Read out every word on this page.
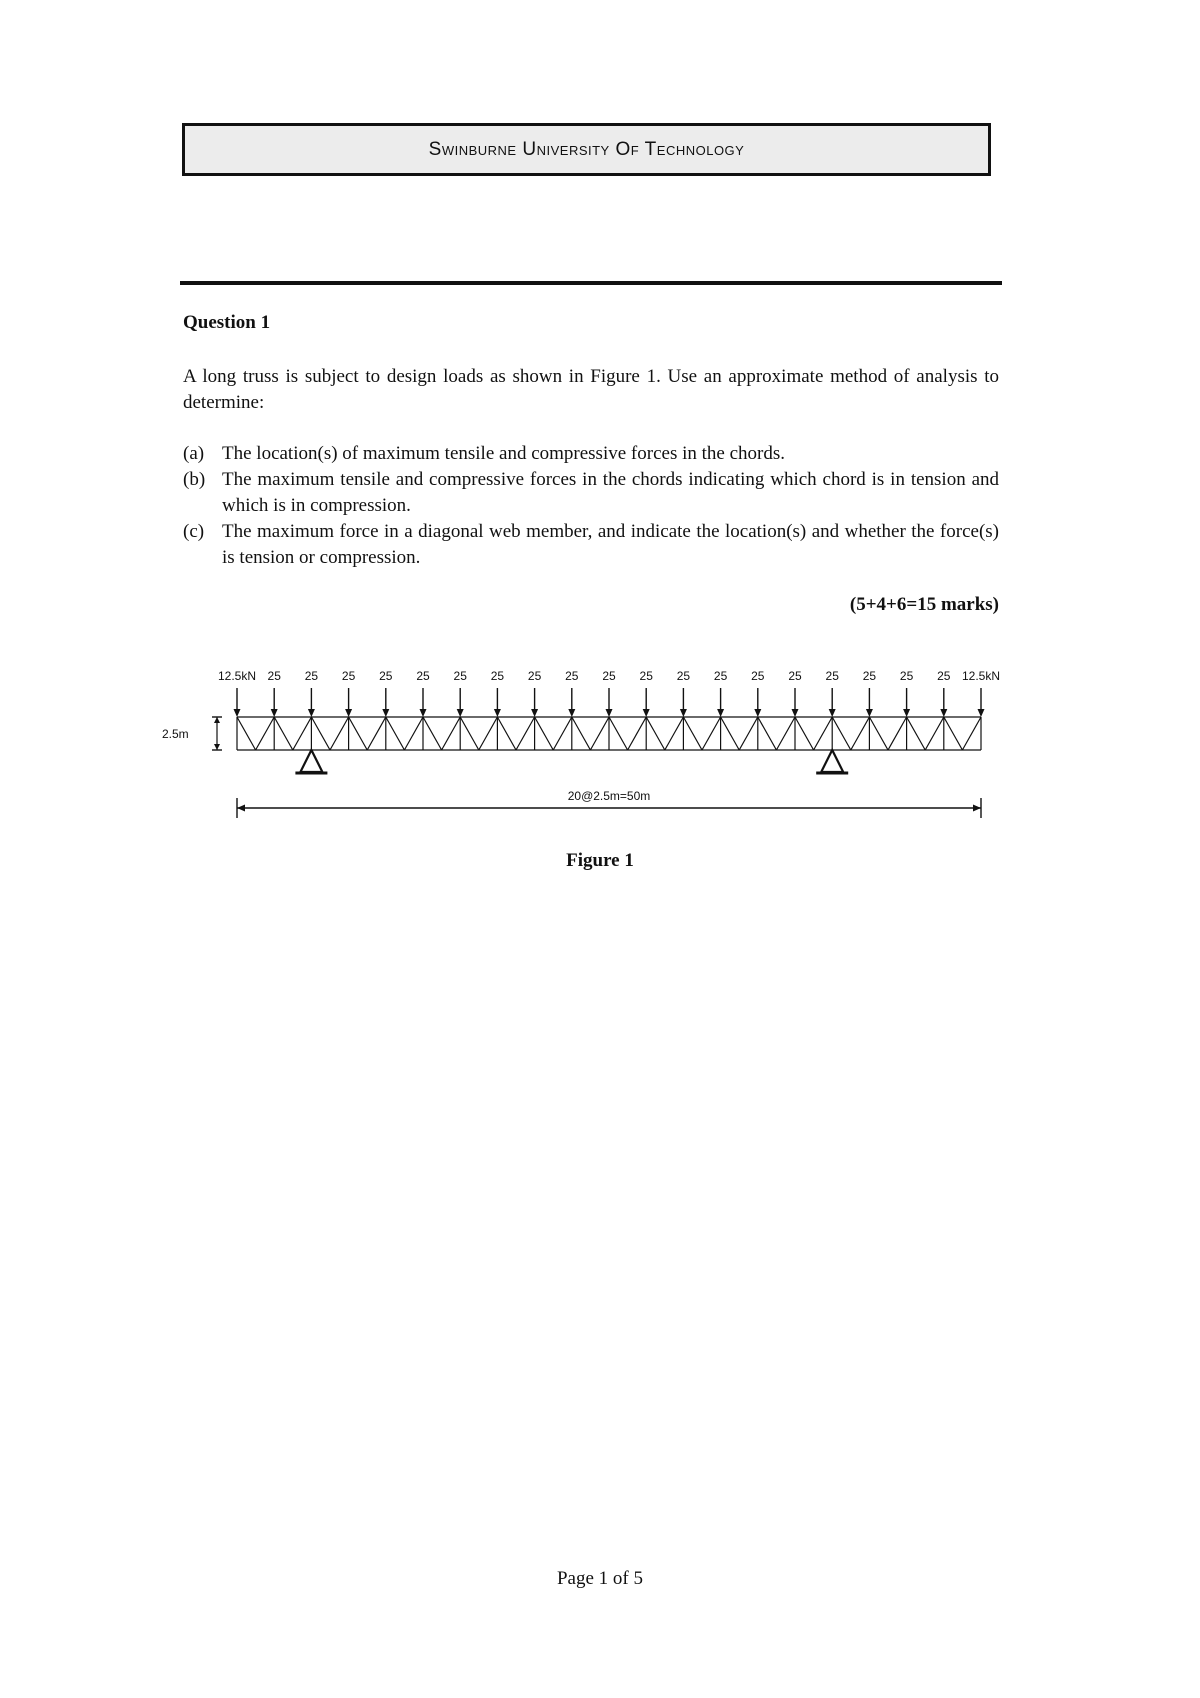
Swinburne University Of Technology
Question 1

A long truss is subject to design loads as shown in Figure 1. Use an approximate method of analysis to determine:

(a) The location(s) of maximum tensile and compressive forces in the chords.
(b) The maximum tensile and compressive forces in the chords indicating which chord is in tension and which is in compression.
(c) The maximum force in a diagonal web member, and indicate the location(s) and whether the force(s) is tension or compression.
(5+4+6=15 marks)
12.5kN 25 25 25 25 25 25 25 25 25 25 25 25 25 25 25 25 25 25 25 12.5kN
2.5m
20@2.5m=50m
Figure 1
Page 1 of 5
